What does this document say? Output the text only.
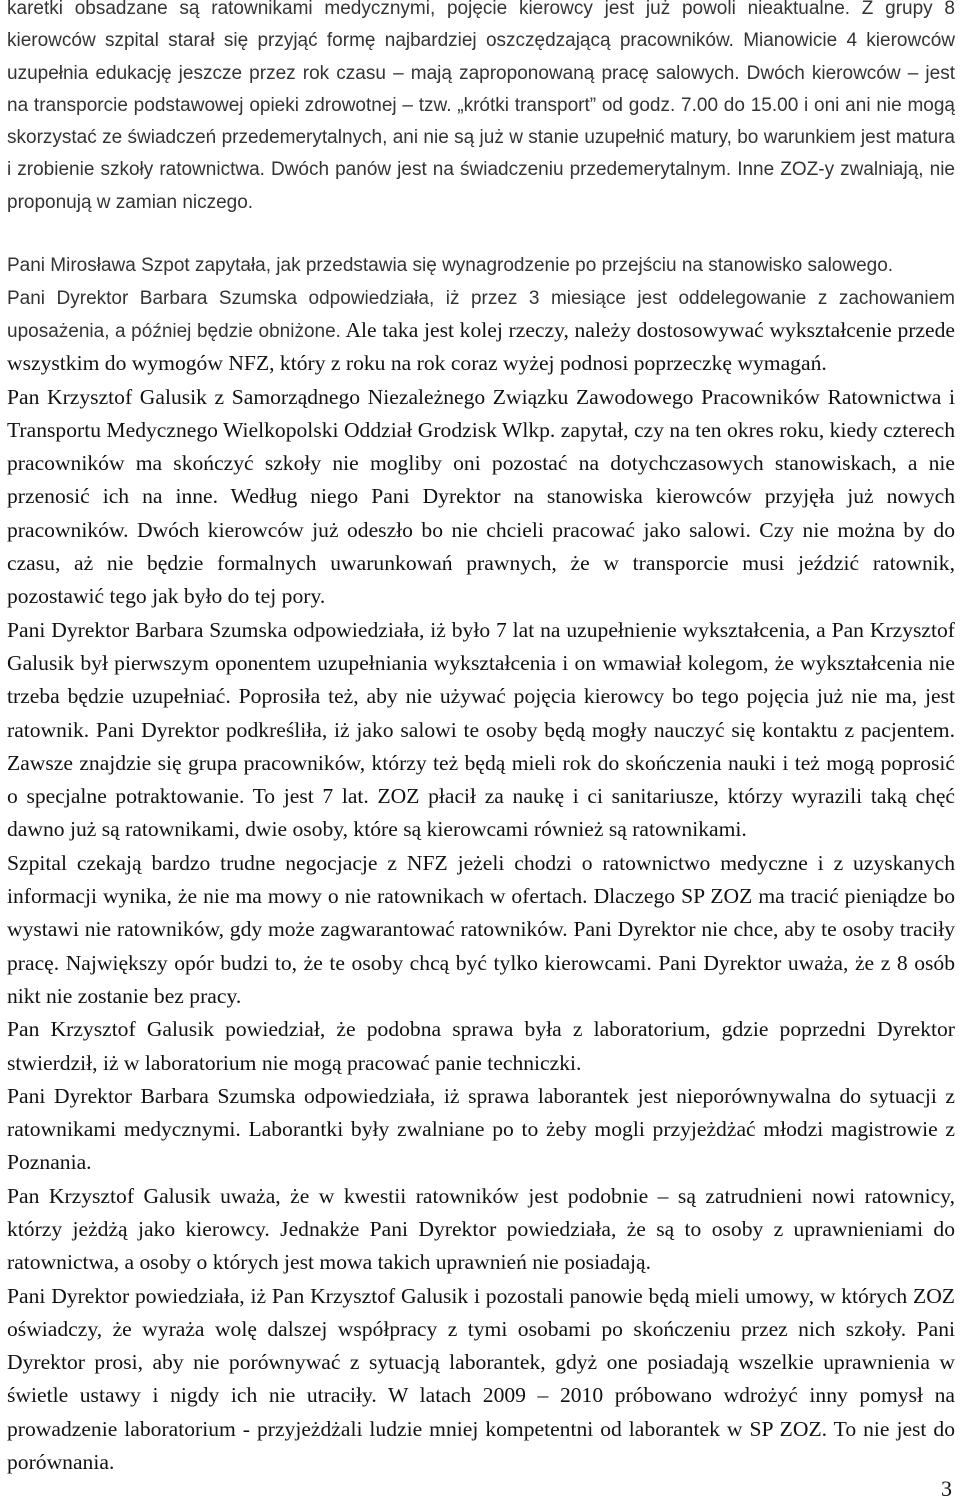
karetki obsadzane są ratownikami medycznymi, pojęcie kierowcy jest już powoli nieaktualne. Z grupy 8 kierowców szpital starał się przyjąć formę najbardziej oszczędzającą pracowników. Mianowicie 4 kierowców uzupełnia edukację jeszcze przez rok czasu – mają zaproponowaną pracę salowych. Dwóch kierowców – jest na transporcie podstawowej opieki zdrowotnej – tzw. „krótki transport” od godz. 7.00 do 15.00 i oni ani nie mogą skorzystać ze świadczeń przedemerytalnych, ani nie są już w stanie uzupełnić matury, bo warunkiem jest matura i zrobienie szkoły ratownictwa. Dwóch panów jest na świadczeniu przedemerytalnym. Inne ZOZ-y zwalniają, nie proponują w zamian niczego.

Pani Mirosława Szpot zapytała, jak przedstawia się wynagrodzenie po przejściu na stanowisko salowego.

Pani Dyrektor Barbara Szumska odpowiedziała, iż przez 3 miesiące jest oddelegowanie z zachowaniem uposażenia, a później będzie obniżone. Ale taka jest kolej rzeczy, należy dostosowywać wykształcenie przede wszystkim do wymogów NFZ, który z roku na rok coraz wyżej podnosi poprzeczkę wymagań.

Pan Krzysztof Galusik z Samorządnego Niezależnego Związku Zawodowego Pracowników Ratownictwa i Transportu Medycznego Wielkopolski Oddział Grodzisk Wlkp. zapytał, czy na ten okres roku, kiedy czterech pracowników ma skończyć szkoły nie mogliby oni pozostać na dotychczasowych stanowiskach, a nie przenosić ich na inne. Według niego Pani Dyrektor na stanowiska kierowców przyjęła już nowych pracowników. Dwóch kierowców już odeszło bo nie chcieli pracować jako salowi. Czy nie można by do czasu, aż nie będzie formalnych uwarunkowań prawnych, że w transporcie musi jeździć ratownik, pozostawić tego jak było do tej pory.

Pani Dyrektor Barbara Szumska odpowiedziała, iż było 7 lat na uzupełnienie wykształcenia, a Pan Krzysztof Galusik był pierwszym oponentem uzupełniania wykształcenia i on wmawiał kolegom, że wykształcenia nie trzeba będzie uzupełniać. Poprosiła też, aby nie używać pojęcia kierowcy bo tego pojęcia już nie ma, jest ratownik. Pani Dyrektor podkreśliła, iż jako salowi te osoby będą mogły nauczyć się kontaktu z pacjentem. Zawsze znajdzie się grupa pracowników, którzy też będą mieli rok do skończenia nauki i też mogą poprosić o specjalne potraktowanie. To jest 7 lat. ZOZ płacił za naukę i ci sanitariusze, którzy wyrazili taką chęć dawno już są ratownikami, dwie osoby, które są kierowcami również są ratownikami.

Szpital czekają bardzo trudne negocjacje z NFZ jeżeli chodzi o ratownictwo medyczne i z uzyskanych informacji wynika, że nie ma mowy o nie ratownikach w ofertach. Dlaczego SP ZOZ ma tracić pieniądze bo wystawi nie ratowników, gdy może zagwarantować ratowników. Pani Dyrektor nie chce, aby te osoby traciły pracę. Największy opór budzi to, że te osoby chcą być tylko kierowcami. Pani Dyrektor uważa, że z 8 osób nikt nie zostanie bez pracy.

Pan Krzysztof Galusik powiedział, że podobna sprawa była z laboratorium, gdzie poprzedni Dyrektor stwierdził, iż w laboratorium nie mogą pracować panie techniczki.

Pani Dyrektor Barbara Szumska odpowiedziała, iż sprawa laborantek jest nieporównywalna do sytuacji z ratownikami medycznymi. Laborantki były zwalniane po to żeby mogli przyjeżdżać młodzi magistrowie z Poznania.

Pan Krzysztof Galusik uważa, że w kwestii ratowników jest podobnie – są zatrudnieni nowi ratownicy, którzy jeżdżą jako kierowcy. Jednakże Pani Dyrektor powiedziała, że są to osoby z uprawnieniami do ratownictwa, a osoby o których jest mowa takich uprawnień nie posiadają.

Pani Dyrektor powiedziała, iż Pan Krzysztof Galusik i pozostali panowie będą mieli umowy, w których ZOZ oświadczy, że wyraża wolę dalszej współpracy z tymi osobami po skończeniu przez nich szkoły. Pani Dyrektor prosi, aby nie porównywać z sytuacją laborantek, gdyż one posiadają wszelkie uprawnienia w świetle ustawy i nigdy ich nie utraciły. W latach 2009 – 2010 próbowano wdrożyć inny pomysł na prowadzenie laboratorium - przyjeżdżali ludzie mniej kompetentni od laborantek w SP ZOZ. To nie jest do porównania.

3
